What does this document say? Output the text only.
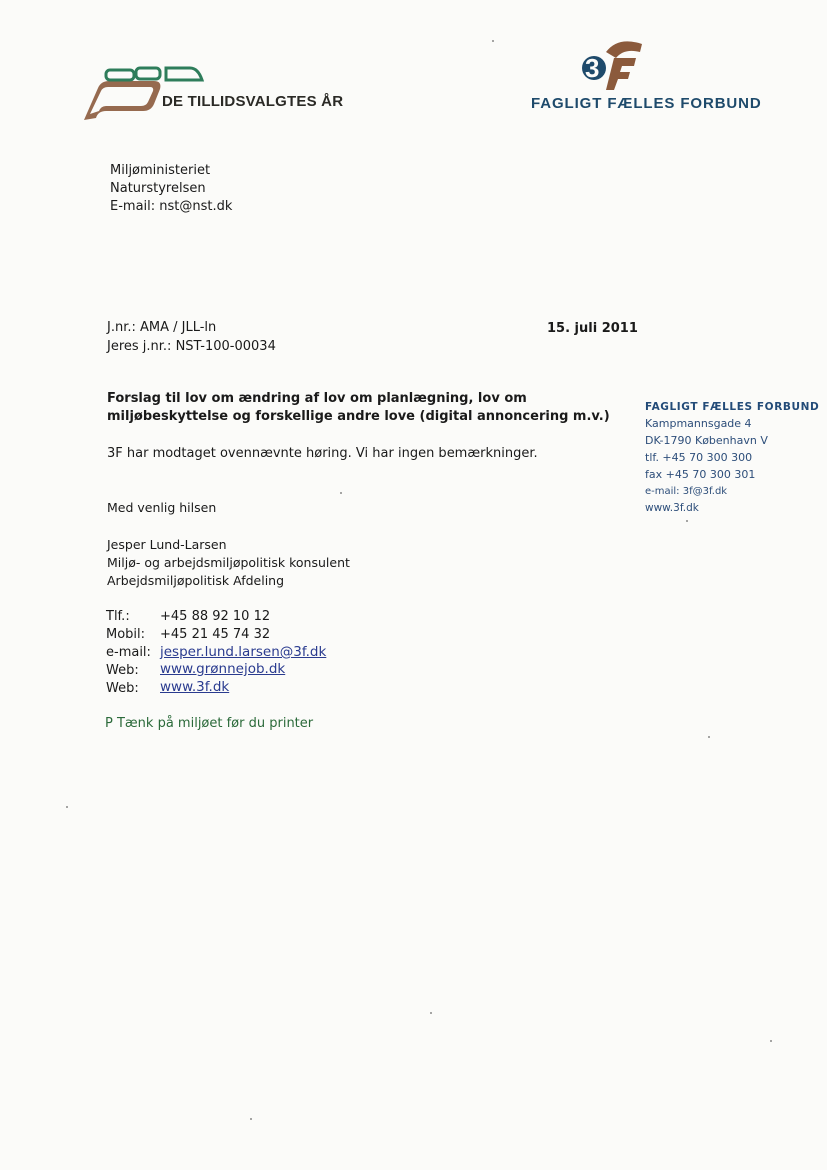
DE TILLIDSVALGTES ÅR
3
FAGLIGT FÆLLES FORBUND
Miljøministeriet
Naturstyrelsen
E-mail: nst@nst.dk
J.nr.: AMA / JLL-ln
Jeres j.nr.: NST-100-00034
15. juli 2011
Forslag til lov om ændring af lov om planlægning, lov om miljøbeskyttelse og forskellige andre love (digital annoncering m.v.)
3F har modtaget ovennævnte høring. Vi har ingen bemærkninger.
Med venlig hilsen
Jesper Lund-Larsen
Miljø- og arbejdsmiljøpolitisk konsulent
Arbejdsmiljøpolitisk Afdeling
Tlf.: +45 88 92 10 12
Mobil: +45 21 45 74 32
e-mail: jesper.lund.larsen@3f.dk
Web: www.grønnejob.dk
Web: www.3f.dk
P Tænk på miljøet før du printer
FAGLIGT FÆLLES FORBUND
Kampmannsgade 4
DK-1790 København V
tlf. +45 70 300 300
fax +45 70 300 301
e-mail: 3f@3f.dk
www.3f.dk
